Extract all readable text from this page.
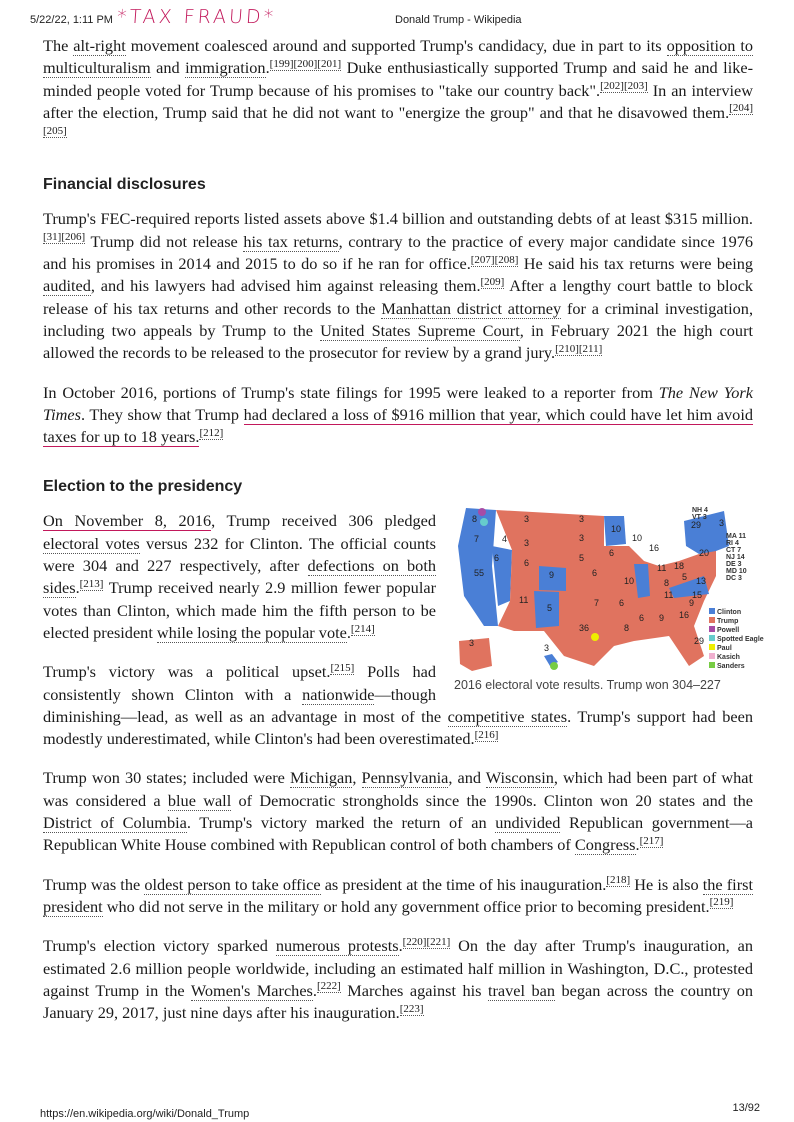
5/22/22, 1:11 PM *TAX FRAUD*	Donald Trump - Wikipedia

The alt-right movement coalesced around and supported Trump's candidacy, due in part to its opposition to multiculturalism and immigration.[199][200][201] Duke enthusiastically supported Trump and said he and like-minded people voted for Trump because of his promises to "take our country back".[202][203] In an interview after the election, Trump said that he did not want to "energize the group" and that he disavowed them.[204][205]

Financial disclosures

Trump's FEC-required reports listed assets above $1.4 billion and outstanding debts of at least $315 million.[31][206] Trump did not release his tax returns, contrary to the practice of every major candidate since 1976 and his promises in 2014 and 2015 to do so if he ran for office.[207][208] He said his tax returns were being audited, and his lawyers had advised him against releasing them.[209] After a lengthy court battle to block release of his tax returns and other records to the Manhattan district attorney for a criminal investigation, including two appeals by Trump to the United States Supreme Court, in February 2021 the high court allowed the records to be released to the prosecutor for review by a grand jury.[210][211]

In October 2016, portions of Trump's state filings for 1995 were leaked to a reporter from The New York Times. They show that Trump had declared a loss of $916 million that year, which could have let him avoid taxes for up to 18 years.[212]

Election to the presidency
8
7	4
55
6
3
3
6
9
11
5
3
3
5
10
10
16
6
6
10
11 18
20
29 3
8
5 13
11
7 6
6 9 16
15
9
36	8
29
3	3
Clinton
Trump
Powell
Spotted Eagle
Paul
Kasich
Sanders
NH 4
VT 3
MA 11
RI 4
CT 7
NJ 14
DE 3
MD 10
DC 3
2016 electoral vote results. Trump won 304–227

On November 8, 2016, Trump received 306 pledged electoral votes versus 232 for Clinton. The official counts were 304 and 227 respectively, after defections on both sides.[213] Trump received nearly 2.9 million fewer popular votes than Clinton, which made him the fifth person to be elected president while losing the popular vote.[214]

Trump's victory was a political upset.[215] Polls had consistently shown Clinton with a nationwide—though diminishing—lead, as well as an advantage in most of the competitive states. Trump's support had been modestly underestimated, while Clinton's had been overestimated.[216]

Trump won 30 states; included were Michigan, Pennsylvania, and Wisconsin, which had been part of what was considered a blue wall of Democratic strongholds since the 1990s. Clinton won 20 states and the District of Columbia. Trump's victory marked the return of an undivided Republican government—a Republican White House combined with Republican control of both chambers of Congress.[217]

Trump was the oldest person to take office as president at the time of his inauguration.[218] He is also the first president who did not serve in the military or hold any government office prior to becoming president.[219]

Trump's election victory sparked numerous protests.[220][221] On the day after Trump's inauguration, an estimated 2.6 million people worldwide, including an estimated half million in Washington, D.C., protested against Trump in the Women's Marches.[222] Marches against his travel ban began across the country on January 29, 2017, just nine days after his inauguration.[223]

https://en.wikipedia.org/wiki/Donald_Trump	13/92
